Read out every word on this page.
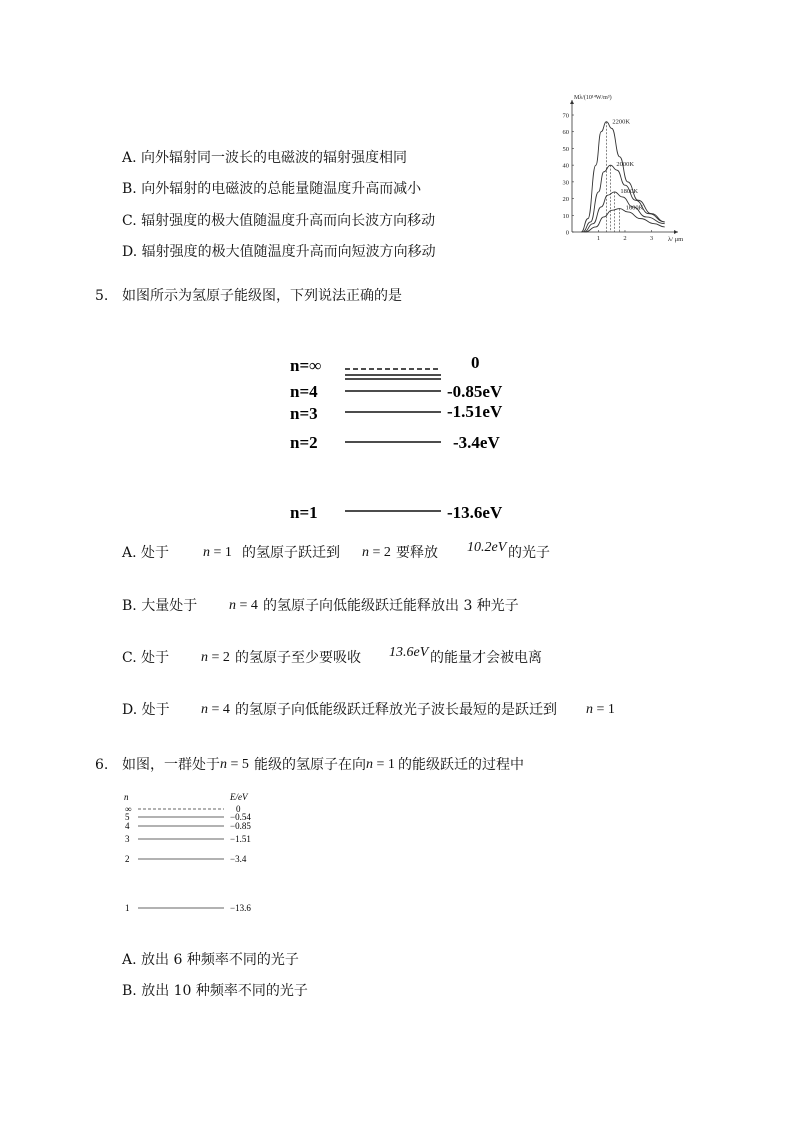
A. 向外辐射同一波长的电磁波的辐射强度相同
B. 向外辐射的电磁波的总能量随温度升高而减小
C. 辐射强度的极大值随温度升高而向长波方向移动
D. 辐射强度的极大值随温度升高而向短波方向移动
70
60
50
40
30
20
10
0
1	2	3
Mλ/(10¹⁴W/m³)
λ/ μm
2200K
2000K
1800K
1600K
5. 如图所示为氢原子能级图，下列说法正确的是
n=∞
n=4
n=3
n=2
n=1
0
-0.85eV
-1.51eV
-3.4eV
-13.6eV
A. 处于 n = 1 的氢原子跃迁到 n = 2 要释放 10.2eV 的光子
B. 大量处于 n = 4 的氢原子向低能级跃迁能释放出 3 种光子
C. 处于 n = 2 的氢原子至少要吸收 13.6eV 的能量才会被电离
D. 处于 n = 4 的氢原子向低能级跃迁释放光子波长最短的是跃迁到 n = 1
6. 如图，一群处于 n = 5 能级的氢原子在向 n = 1 的能级跃迁的过程中
n	E/eV
∞	0
5	−0.54
4	−0.85
3	−1.51
2	−3.4
1	−13.6
A. 放出 6 种频率不同的光子
B. 放出 10 种频率不同的光子
